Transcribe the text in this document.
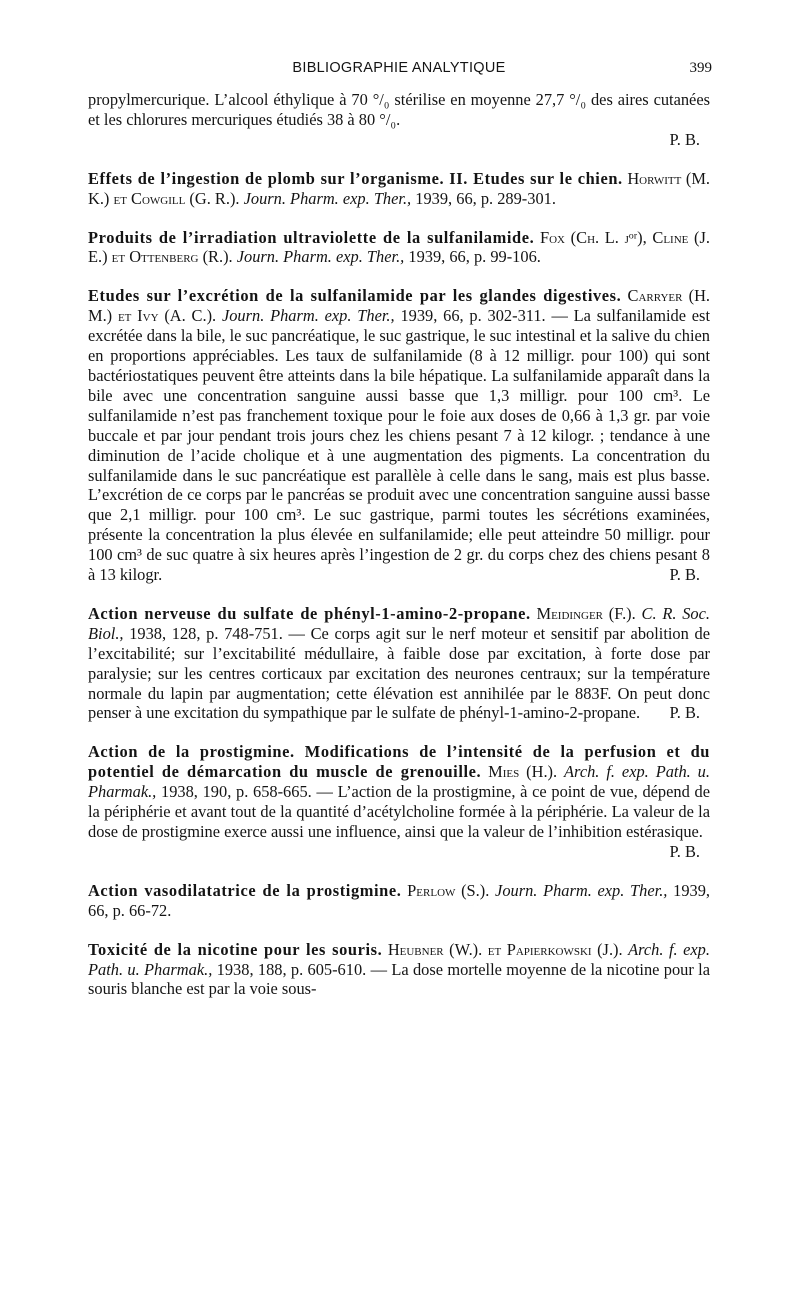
BIBLIOGRAPHIE ANALYTIQUE	399

propylmercurique. L’alcool éthylique à 70 °/₀ stérilise en moyenne 27,7 °/₀ des aires cutanées et les chlorures mercuriques étudiés 38 à 80 °/₀.

P. B.

Effets de l’ingestion de plomb sur l’organisme. II. Etudes sur le chien. Horwitt (M. K.) et Cowgill (G. R.). Journ. Pharm. exp. Ther., 1939, 66, p. 289-301.

Produits de l’irradiation ultraviolette de la sulfanilamide. Fox (Ch. L. jᵒʳ), Cline (J. E.) et Ottenberg (R.). Journ. Pharm. exp. Ther., 1939, 66, p. 99-106.

Etudes sur l’excrétion de la sulfanilamide par les glandes digestives. Carryer (H. M.) et Ivy (A. C.). Journ. Pharm. exp. Ther., 1939, 66, p. 302-311. — La sulfanilamide est excrétée dans la bile, le suc pancréatique, le suc gastrique, le suc intestinal et la salive du chien en proportions appréciables. Les taux de sulfanilamide (8 à 12 milligr. pour 100) qui sont bactériostatiques peuvent être atteints dans la bile hépatique. La sulfanilamide apparaît dans la bile avec une concentration sanguine aussi basse que 1,3 milligr. pour 100 cm³. Le sulfanilamide n’est pas franchement toxique pour le foie aux doses de 0,66 à 1,3 gr. par voie buccale et par jour pendant trois jours chez les chiens pesant 7 à 12 kilogr. ; tendance à une diminution de l’acide cholique et à une augmentation des pigments. La concentration du sulfanilamide dans le suc pancréatique est parallèle à celle dans le sang, mais est plus basse. L’excrétion de ce corps par le pancréas se produit avec une concentration sanguine aussi basse que 2,1 milligr. pour 100 cm³. Le suc gastrique, parmi toutes les sécrétions examinées, présente la concentration la plus élevée en sulfanilamide; elle peut atteindre 50 milligr. pour 100 cm³ de suc quatre à six heures après l’ingestion de 2 gr. du corps chez des chiens pesant 8 à 13 kilogr.	P. B.

Action nerveuse du sulfate de phényl-1-amino-2-propane. Meidinger (F.). C. R. Soc. Biol., 1938, 128, p. 748-751. — Ce corps agit sur le nerf moteur et sensitif par abolition de l’excitabilité; sur l’excitabilité médullaire, à faible dose par excitation, à forte dose par paralysie; sur les centres corticaux par excitation des neurones centraux; sur la température normale du lapin par augmentation; cette élévation est annihilée par le 883F. On peut donc penser à une excitation du sympathique par le sulfate de phényl-1-amino-2-propane. P. B.

Action de la prostigmine. Modifications de l’intensité de la perfusion et du potentiel de démarcation du muscle de grenouille. Mies (H.). Arch. f. exp. Path. u. Pharmak., 1938, 190, p. 658-665. — L’action de la prostigmine, à ce point de vue, dépend de la périphérie et avant tout de la quantité d’acétylcholine formée à la périphérie. La valeur de la dose de prostigmine exerce aussi une influence, ainsi que la valeur de l’inhibition estérasique.
P. B.

Action vasodilatatrice de la prostigmine. Perlow (S.). Journ. Pharm. exp. Ther., 1939, 66, p. 66-72.

Toxicité de la nicotine pour les souris. Heubner (W.). et Papierkowski (J.). Arch. f. exp. Path. u. Pharmak., 1938, 188, p. 605-610. — La dose mortelle moyenne de la nicotine pour la souris blanche est par la voie sous-
